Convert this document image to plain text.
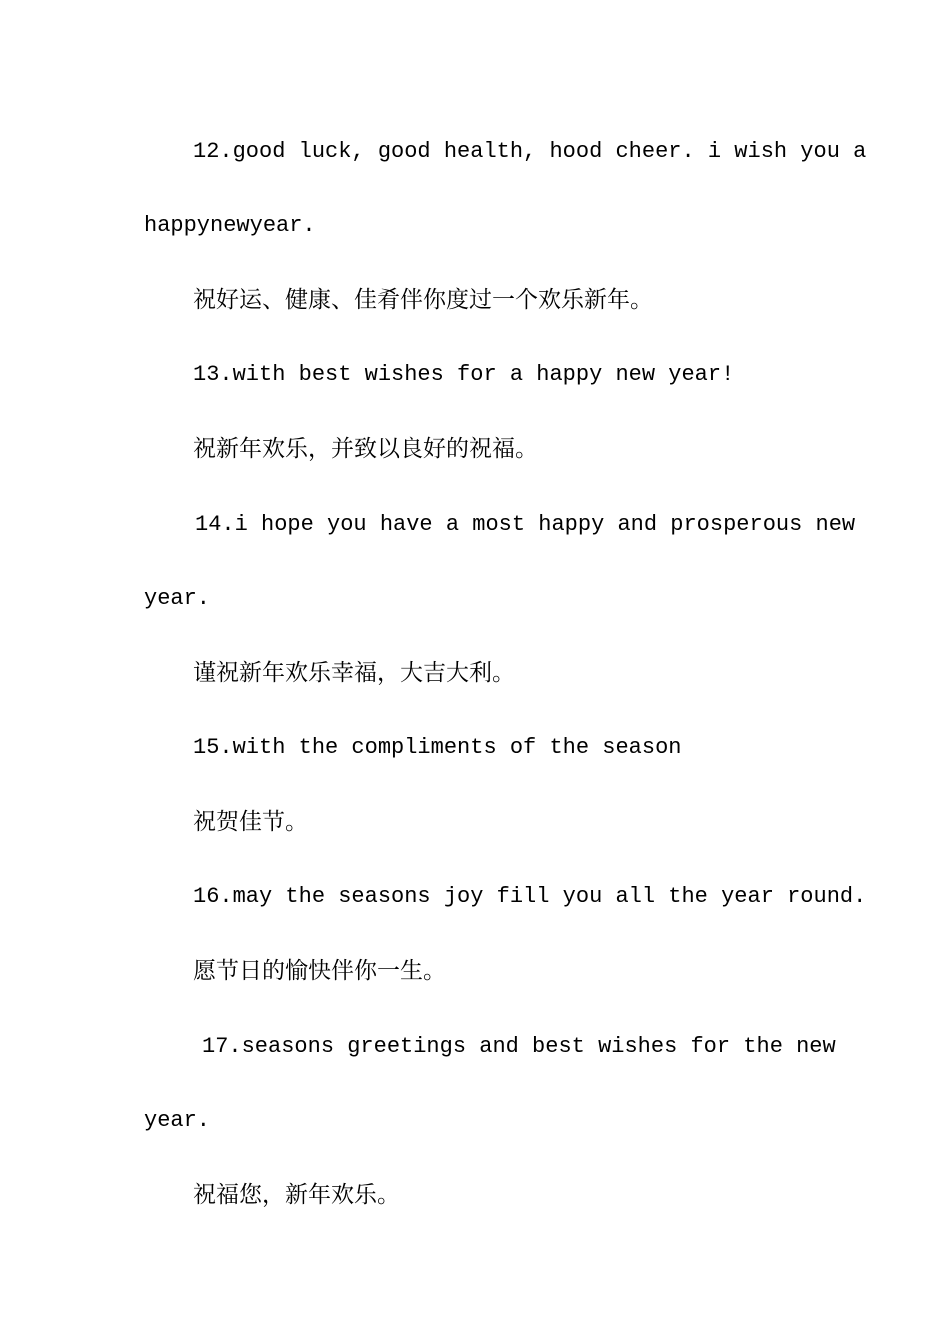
12.good luck, good health, hood cheer. i wish you a
happynewyear.
祝好运、健康、佳肴伴你度过一个欢乐新年。
13.with best wishes for a happy new year!
祝新年欢乐，并致以良好的祝福。
14.i hope you have a most happy and prosperous new
year.
谨祝新年欢乐幸福，大吉大利。
15.with the compliments of the season
祝贺佳节。
16.may the seasons joy fill you all the year round.
愿节日的愉快伴你一生。
17.seasons greetings and best wishes for the new
year.
祝福您，新年欢乐。
